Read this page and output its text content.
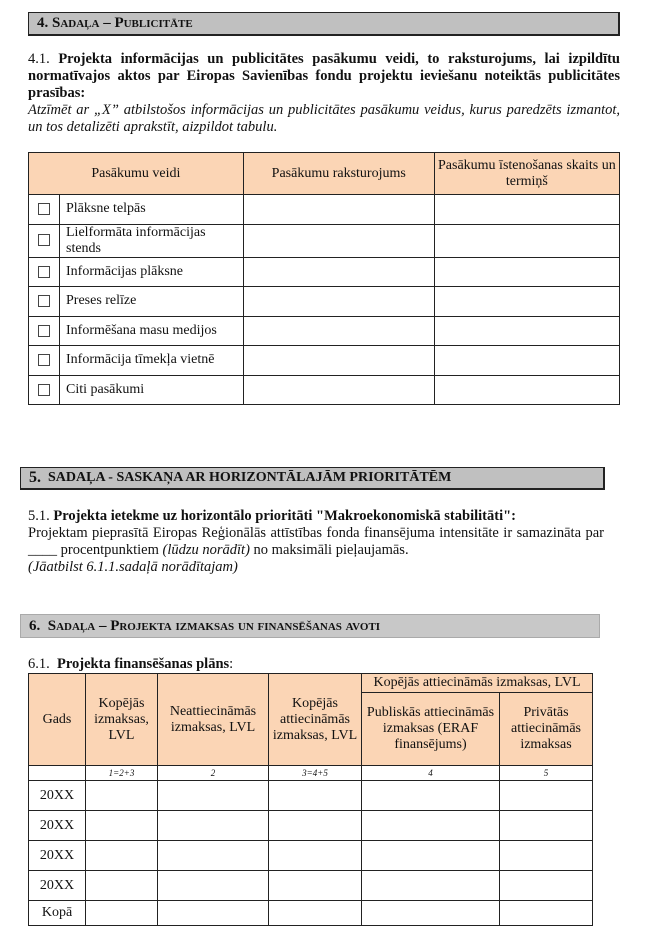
4.
Sadaļa – Publicitāte
4.1. Projekta informācijas un publicitātes pasākumu veidi, to raksturojums, lai izpildītu normatīvajos aktos par Eiropas Savienības fondu projektu ieviešanu noteiktās publicitātes prasības:
Atzīmēt ar „X” atbilstošos informācijas un publicitātes pasākumu veidus, kurus paredzēts izmantot, un tos detalizēti aprakstīt, aizpildot tabulu.
Pasākumu veidi		Pasākumu raksturojums	Pasākumu īstenošanas skaits un termiņš
	Plāksne telpās		
	Lielformāta informācijas stends		
	Informācijas plāksne		
	Preses relīze		
	Informēšana masu medijos		
	Informācija tīmekļa vietnē		
	Citi pasākumi		
5.
SADAĻA - SASKAŅA AR HORIZONTĀLAJĀM PRIORITĀTĒM
5.1. Projekta ietekme uz horizontālo prioritāti "Makroekonomiskā stabilitāti":
Projektam pieprasītā Eiropas Reģionālās attīstības fonda finansējuma intensitāte ir samazināta par ____ procentpunktiem (lūdzu norādīt) no maksimāli pieļaujamās.
(Jāatbilst 6.1.1.sadaļā norādītajam)
6.
Sadaļa – Projekta izmaksas un finansēšanas avoti
6.1. Projekta finansēšanas plāns:
Gads	Kopējās izmaksas, LVL	Neattiecināmās izmaksas, LVL	Kopējās attiecināmās izmaksas, LVL	Kopējās attiecināmās izmaksas, LVL	
				Publiskās attiecināmās izmaksas (ERAF finansējums)	Privātās attiecināmās izmaksas
	1=2+3	2	3=4+5	4	5
20XX					
20XX					
20XX					
20XX					
Kopā					
